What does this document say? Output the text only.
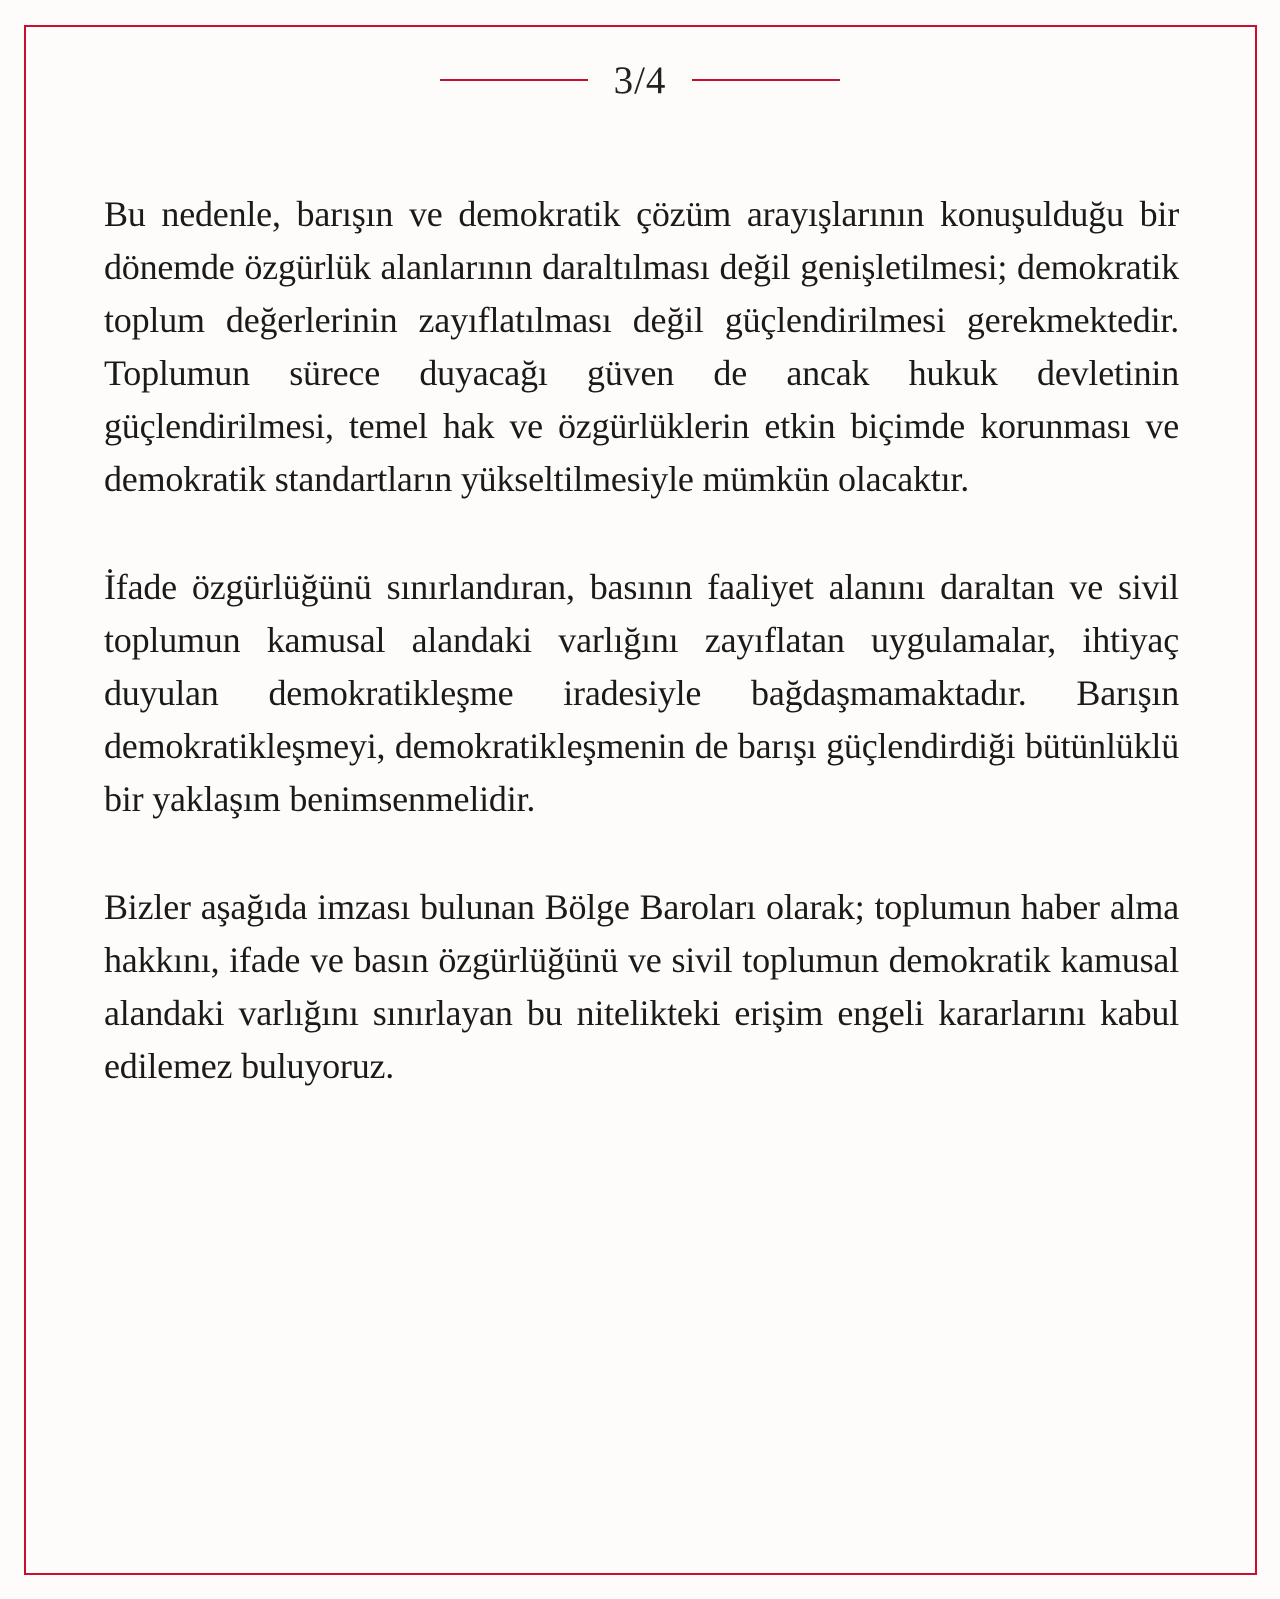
3/4

Bu nedenle, barışın ve demokratik çözüm arayışlarının konuşulduğu bir dönemde özgürlük alanlarının daraltılması değil genişletilmesi; demokratik toplum değerlerinin zayıflatılması değil güçlendirilmesi gerekmektedir. Toplumun sürece duyacağı güven de ancak hukuk devletinin güçlendirilmesi, temel hak ve özgürlüklerin etkin biçimde korunması ve demokratik standartların yükseltilmesiyle mümkün olacaktır.

İfade özgürlüğünü sınırlandıran, basının faaliyet alanını daraltan ve sivil toplumun kamusal alandaki varlığını zayıflatan uygulamalar, ihtiyaç duyulan demokratikleşme iradesiyle bağdaşmamaktadır. Barışın demokratikleşmeyi, demokratikleşmenin de barışı güçlendirdiği bütünlüklü bir yaklaşım benimsenmelidir.

Bizler aşağıda imzası bulunan Bölge Baroları olarak; toplumun haber alma hakkını, ifade ve basın özgürlüğünü ve sivil toplumun demokratik kamusal alandaki varlığını sınırlayan bu nitelikteki erişim engeli kararlarını kabul edilemez buluyoruz.
